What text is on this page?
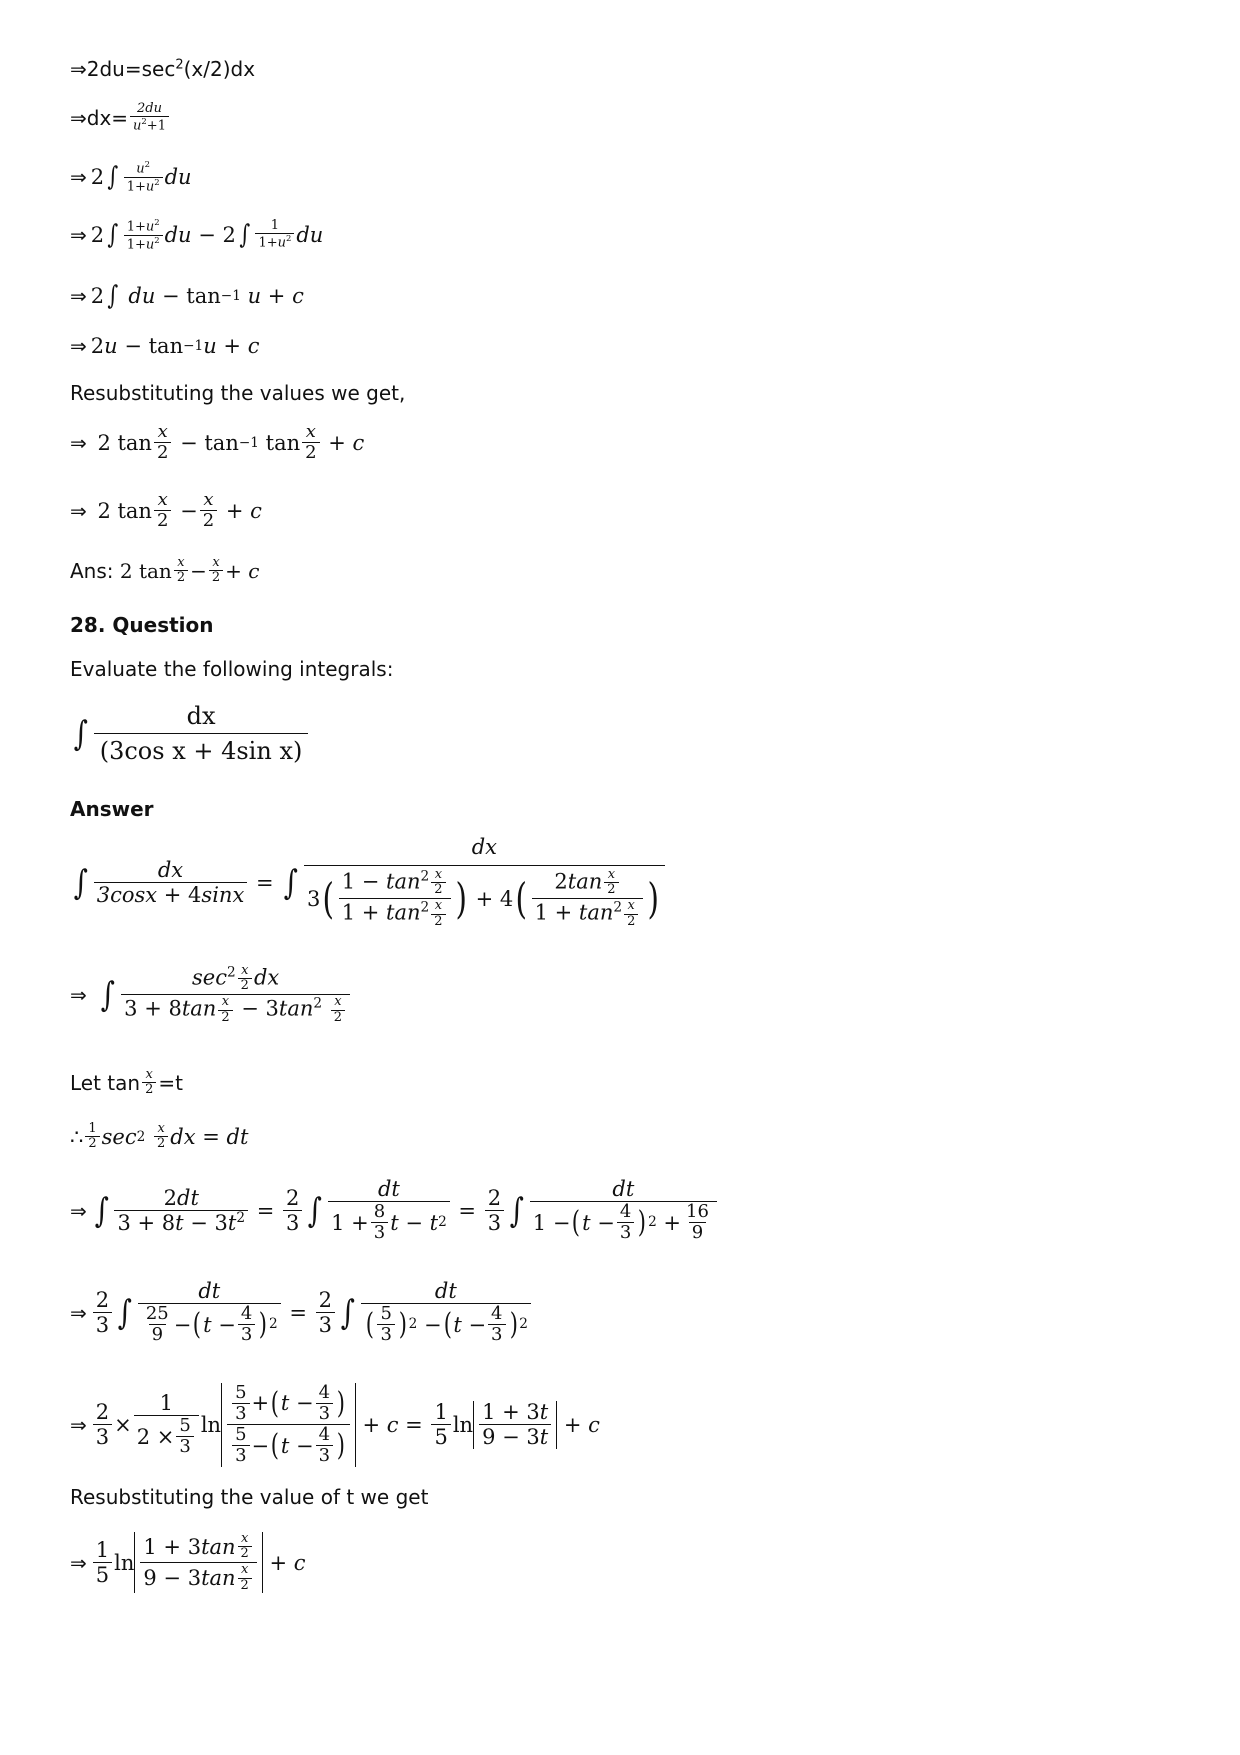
$\Rightarrow 2du=\sec^2(x/2)dx$
⇒dx= $\frac{2du}{u^2+1}$
⇒ 2 ∫ $\frac{u^2}{1+u^2}$ du
⇒ 2 ∫ $\frac{1+u^2}{1+u^2}$ du − 2 ∫ $\frac{1}{1+u^2}$ du
⇒ 2 ∫
du − tan −1
u + c
⇒ 2 u − tan −1 u + c
Resubstituting the values we get,
⇒ 2 $\tan \frac{x}{2} - \tan -1$ $\tan \frac{x}{2} + c$
⇒ 2 $\tan \frac{x}{2} - \frac{x}{2} + c$
Ans:
2 $\tan \frac{x}{2} - \frac{x}{2} + c$
28. Question
Evaluate the following integrals:
∫ $\frac{dx}{\text{(3cos x + 4sin x)}}$
Answer
∫ $\frac{dx}{3\cos x + 4\sin x}$ = ∫
dx
3 ( $\frac{1 - \tan^2 \frac{x}{2}}{1 + \tan^2 \frac{x}{2}}$ ) + 4 ( $\frac{2\tan \frac{x}{2}}{1 + \tan^2 \frac{x}{2}}$ )
⇒
∫ $\frac{\sec^2 \frac{x}{2} dx}{3 + 8\tan \frac{x}{2} - 3\tan^2 \frac{x}{2}}$
Let $\tan \frac{x}{2} =t$
∴ $\frac{1}{2}$ sec 2
$\frac{x}{2}$ dx = dt
⇒ ∫ $\frac{2dt}{3 + 8t - 3t^2} = \frac{2}{3}$ ∫ $\frac{dt}{1 + \frac{8}{3} t - t 2} = \frac{2}{3}$ ∫ $\frac{dt}{1 - ( t - \frac{4}{3} ) 2 + \frac{16}{9}}$
⇒ $\frac{2}{3}$ ∫ $\frac{dt}{\frac{25}{9} - ( t - \frac{4}{3} ) 2} = \frac{2}{3}$ ∫ $\frac{dt}{( \frac{5}{3} ) 2 - ( t - \frac{4}{3} ) 2}$
⇒ $\frac{2}{3} \times \frac{1}{2 \times \frac{5}{3}}$ $\ln \frac{\frac{5}{3} + ( t - \frac{4}{3} )}{\frac{5}{3} - ( t - \frac{4}{3} )} + c = \frac{1}{5}$ $\ln \frac{1 + 3t}{9 - 3t} + c$
Resubstituting the value of t we get
⇒ $\frac{1}{5}$ $\ln \frac{1 + 3 \tan \frac{x}{2}}{9 - 3 \tan \frac{x}{2}} + c$
